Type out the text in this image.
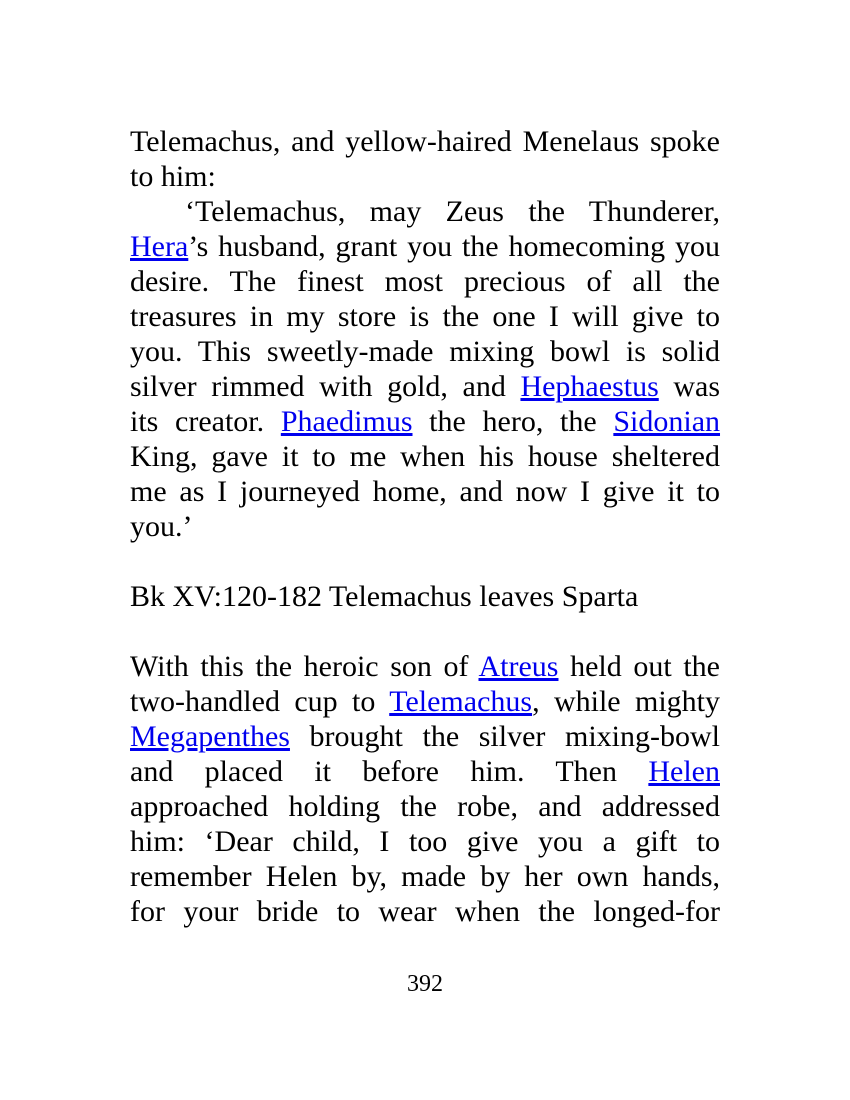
Telemachus, and yellow-haired Menelaus spoke
to him:
‘Telemachus, may Zeus the Thunderer,
Hera’s husband, grant you the homecoming you
desire. The finest most precious of all the
treasures in my store is the one I will give to
you. This sweetly-made mixing bowl is solid
silver rimmed with gold, and Hephaestus was
its creator. Phaedimus the hero, the Sidonian
King, gave it to me when his house sheltered
me as I journeyed home, and now I give it to
you.’
Bk XV:120-182 Telemachus leaves Sparta
With this the heroic son of Atreus held out the
two-handled cup to Telemachus, while mighty
Megapenthes brought the silver mixing-bowl
and placed it before him. Then Helen
approached holding the robe, and addressed
him: ‘Dear child, I too give you a gift to
remember Helen by, made by her own hands,
for your bride to wear when the longed-for
392
